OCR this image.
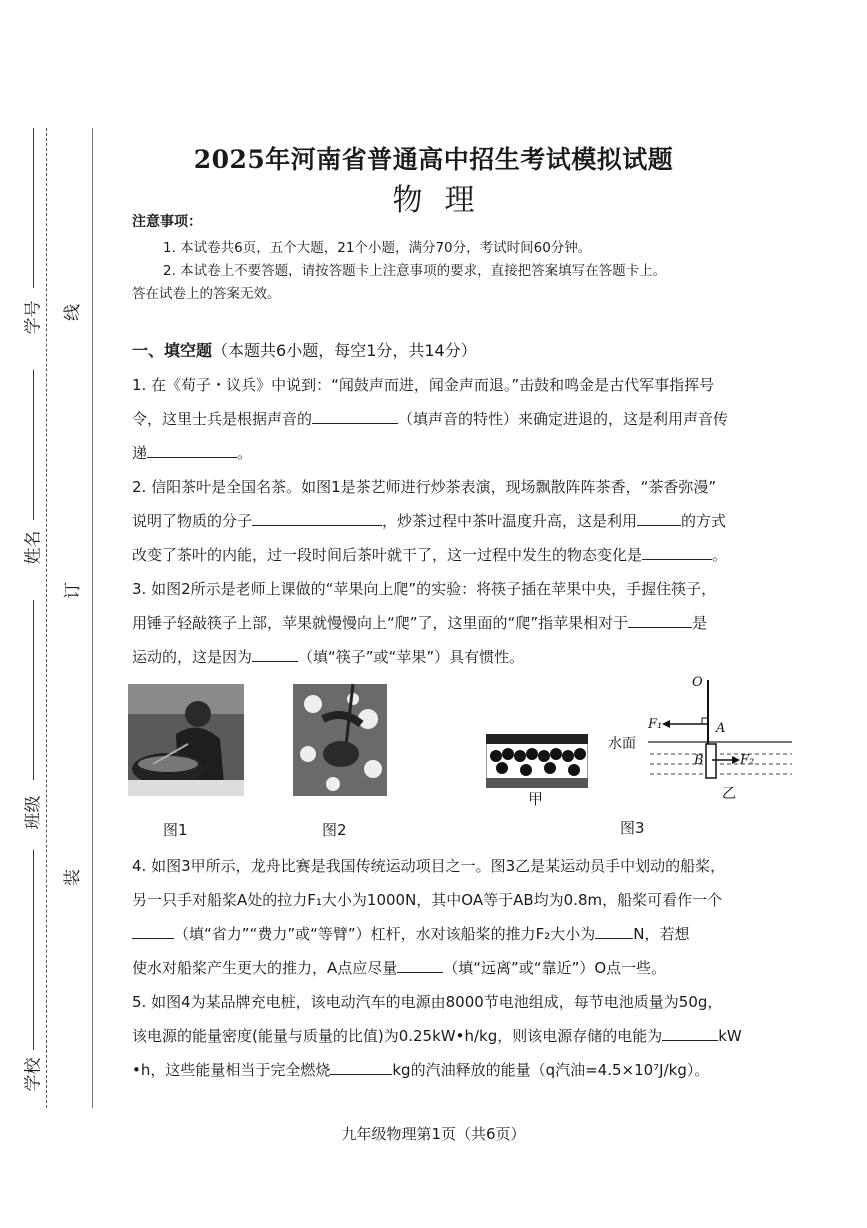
学号 线
姓名
订
班级
装
学校
2025年河南省普通高中招生考试模拟试题
物理
注意事项：
1. 本试卷共6页，五个大题，21个小题，满分70分，考试时间60分钟。
2. 本试卷上不要答题，请按答题卡上注意事项的要求，直接把答案填写在答题卡上。
答在试卷上的答案无效。
一、填空题（本题共6小题，每空1分，共14分）
1. 在《荀子・议兵》中说到：“闻鼓声而进，闻金声而退。”击鼓和鸣金是古代军事指挥号
令，这里士兵是根据声音的	（填声音的特性）来确定进退的，这是利用声音传
递	。
2. 信阳茶叶是全国名茶。如图1是茶艺师进行炒茶表演，现场飘散阵阵茶香，“茶香弥漫”
说明了物质的分子	，炒茶过程中茶叶温度升高，这是利用	的方式
改变了茶叶的内能，过一段时间后茶叶就干了，这一过程中发生的物态变化是	。
3. 如图2所示是老师上课做的“苹果向上爬”的实验：将筷子插在苹果中央，手握住筷子，
用锤子轻敲筷子上部，苹果就慢慢向上“爬”了，这里面的“爬”指苹果相对于	是
运动的，这是因为	（填“筷子”或“苹果”）具有惯性。
甲
O
A
B
F₁
F₂
水面
乙
图1	图2	图3
4. 如图3甲所示，龙舟比赛是我国传统运动项目之一。图3乙是某运动员手中划动的船桨，
另一只手对船桨A处的拉力F₁大小为1000N，其中OA等于AB均为0.8m，船桨可看作一个
（填“省力”“费力”或“等臂”）杠杆，水对该船桨的推力F₂大小为	N，若想
使水对船桨产生更大的推力，A点应尽量	（填“远离”或“靠近”）O点一些。
5. 如图4为某品牌充电桩，该电动汽车的电源由8000节电池组成，每节电池质量为50g，
该电源的能量密度(能量与质量的比值)为0.25kW•h/kg，则该电源存储的电能为	kW
•h，这些能量相当于完全燃烧	kg的汽油释放的能量（q汽油=4.5×10⁷J/kg）。
九年级物理第1页（共6页）
